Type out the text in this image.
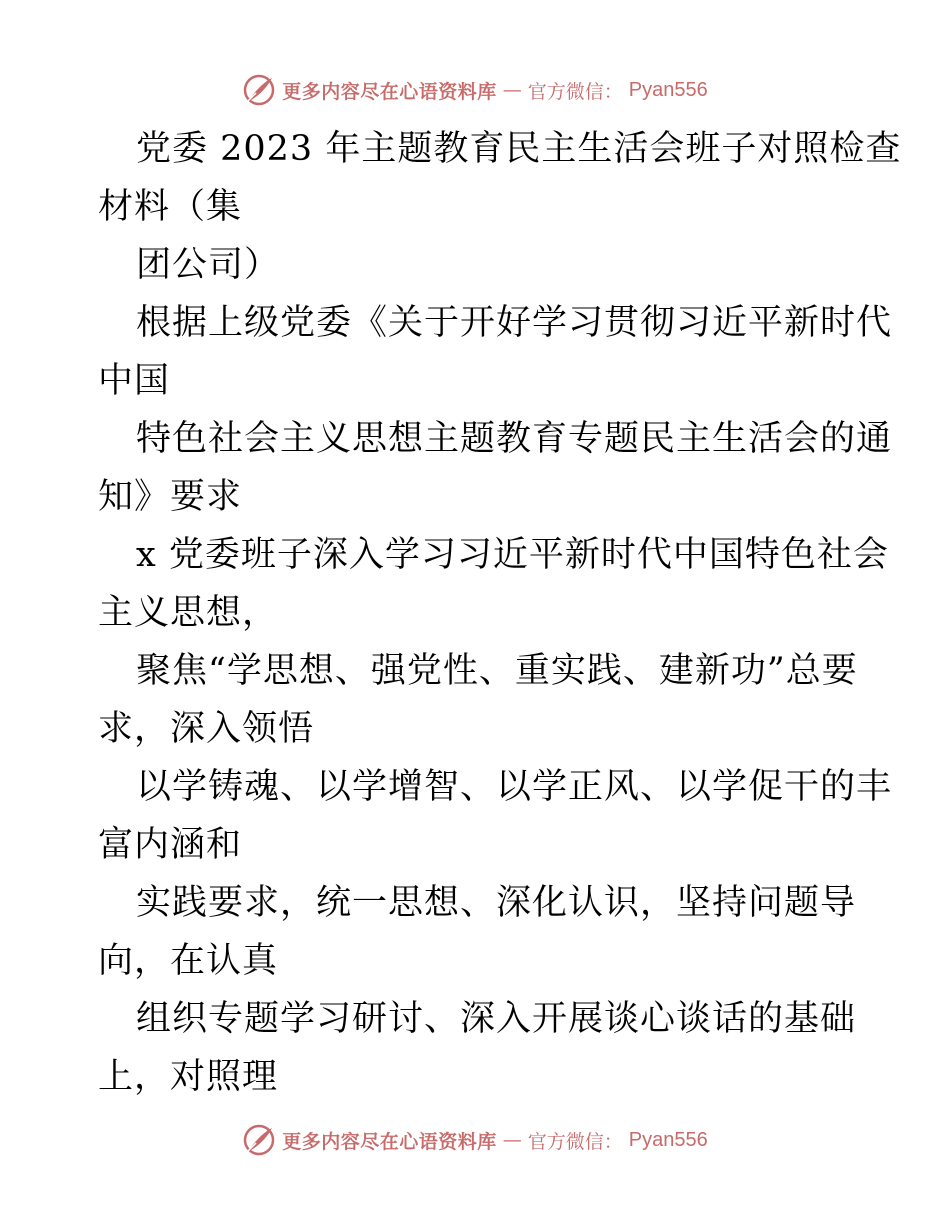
更多内容尽在心语资料库 — 官方微信： Pyan556
党委 2023 年主题教育民主生活会班子对照检查
材料（集
团公司）
根据上级党委《关于开好学习贯彻习近平新时代
中国
特色社会主义思想主题教育专题民主生活会的通
知》要求
x 党委班子深入学习习近平新时代中国特色社会
主义思想，
聚焦“学思想、强党性、重实践、建新功”总要
求，深入领悟
以学铸魂、以学增智、以学正风、以学促干的丰
富内涵和
实践要求，统一思想、深化认识，坚持问题导
向，在认真
组织专题学习研讨、深入开展谈心谈话的基础
上，对照理
更多内容尽在心语资料库 — 官方微信： Pyan556
